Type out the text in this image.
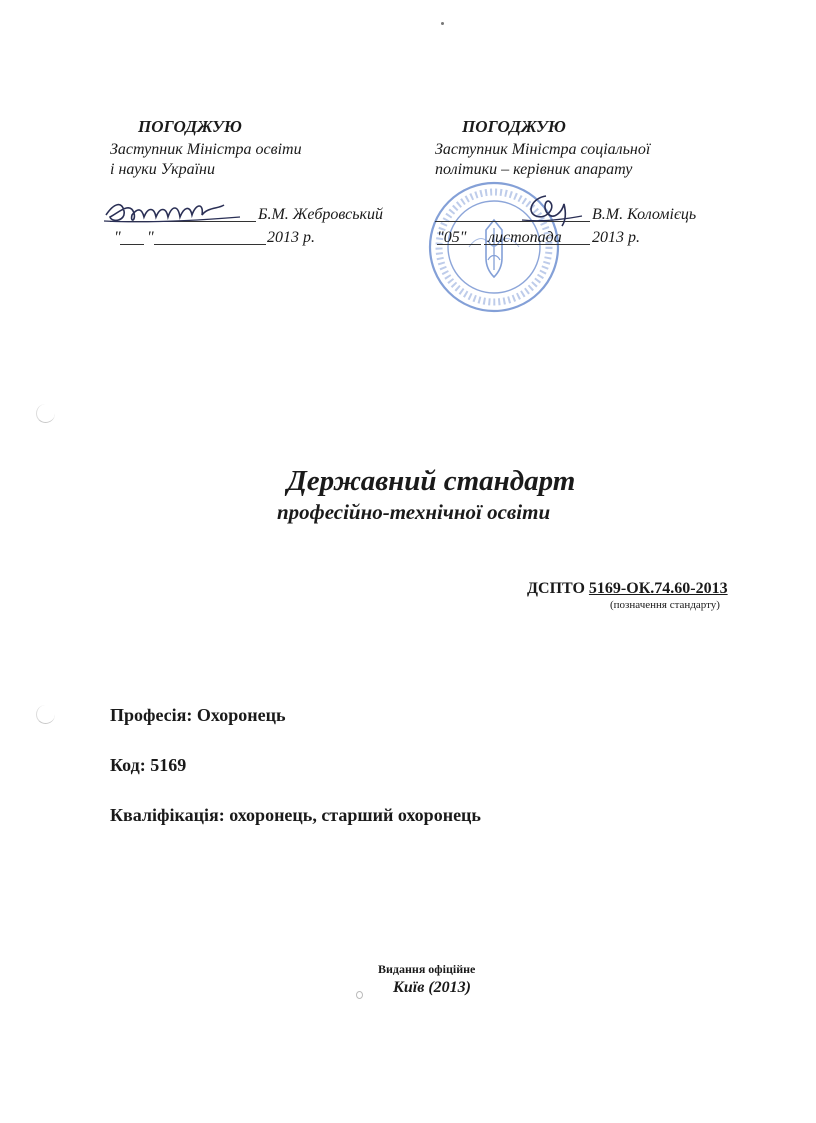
ПОГОДЖУЮ
Заступник Міністра освіти
і науки України
Б.М. Жебровський
" "	2013 р.
ПОГОДЖУЮ
Заступник Міністра соціальної
політики – керівник апарату
В.М. Коломієць
"05" листопада 2013 р.
Державний стандарт
професійно-технічної освіти
ДСПТО 5169-ОК.74.60-2013
(позначення стандарту)
Професія: Охоронець
Код: 5169
Кваліфікація: охоронець, старший охоронець
Видання офіційне
Київ (2013)
